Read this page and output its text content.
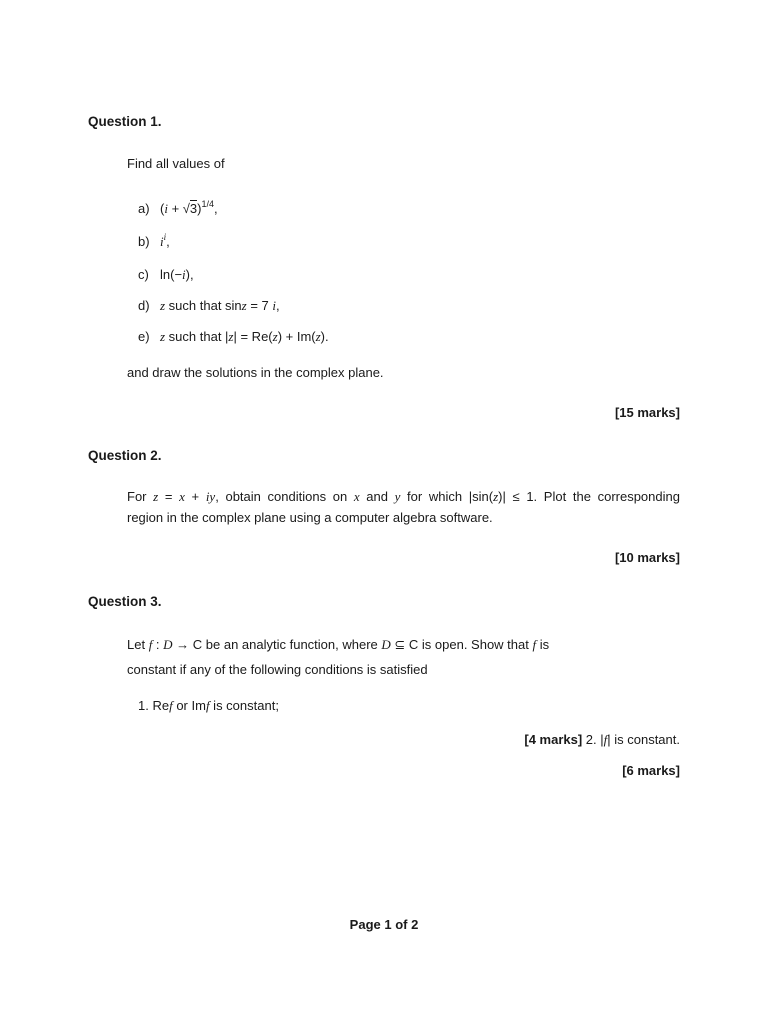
Question 1.
Find all values of
a) $(i + √3)^{1/4}$,
b) $i^i$,
c) ln(−i),
d) z such that sinz = 7 i,
e) z such that |z| = Re(z) + Im(z).
and draw the solutions in the complex plane.
[15 marks]
Question 2.
For z = x + iy, obtain conditions on x and y for which |sin(z)| ≤ 1. Plot the corresponding
region in the complex plane using a computer algebra software.
[10 marks]
Question 3.
Let f : D → C be an analytic function, where D ⊆ C is open. Show that f is
constant if any of the following conditions is satisfied
1. Ref or Imf is constant;
[4 marks] 2. |f| is constant.
[6 marks]
Page 1 of 2
